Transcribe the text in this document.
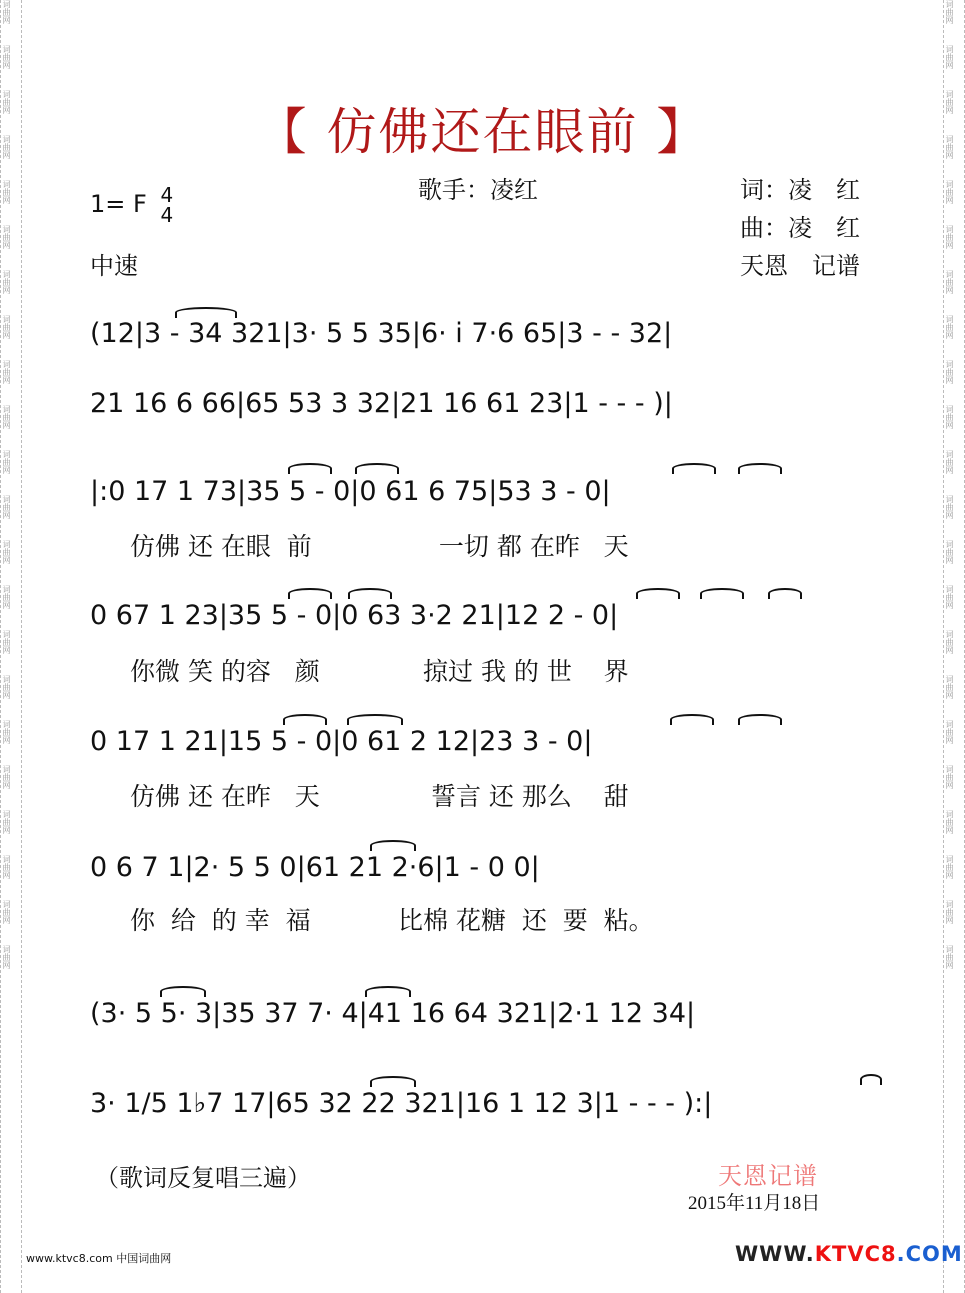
词曲网
词曲网
词曲网
词曲网
词曲网
词曲网
词曲网
词曲网
词曲网
词曲网
词曲网
词曲网
词曲网
词曲网
词曲网
词曲网
词曲网
词曲网
词曲网
词曲网
词曲网
词曲网
词曲网
词曲网
词曲网
词曲网
词曲网
词曲网
词曲网
词曲网
词曲网
词曲网
词曲网
词曲网
词曲网
词曲网
词曲网
词曲网
词曲网
词曲网
词曲网
词曲网
词曲网
词曲网
【 仿佛还在眼前 】
1= F 4
4
中速
歌手：凌红	词：凌　红
曲：凌　红
天恩　记谱
(12|3 - 34 321|3· 5 5 35|6· i 7·6 65|3 - - 32|
21 16 6 66|65 53 3 32|21 16 61 23|1 - - - )|
|:0 17 1 73|35 5 - 0|0 61 6 75|53 3 - 0|
仿佛 还 在眼  前                一切 都 在昨   天
0 67 1 23|35 5 - 0|0 63 3·2 21|12 2 - 0|
你微 笑 的容   颜             掠过 我 的 世    界
0 17 1 21|15 5 - 0|0 61 2 12|23 3 - 0|
仿佛 还 在昨   天              誓言 还 那么    甜
0 6 7 1|2· 5 5 0|61 21 2·6|1 - 0 0|
你  给  的 幸  福           比棉 花糖  还  要  粘。
(3· 5 5· 3|35 37 7· 4|41 16 64 321|2·1 12 34|
3· 1/5 1♭7 17|65 32 22 321|16 1 12 3|1 - - - ):|
（歌词反复唱三遍）	天恩记谱
2015年11月18日
www.ktvc8.com 中国词曲网	WWW.KTVC8.COM
